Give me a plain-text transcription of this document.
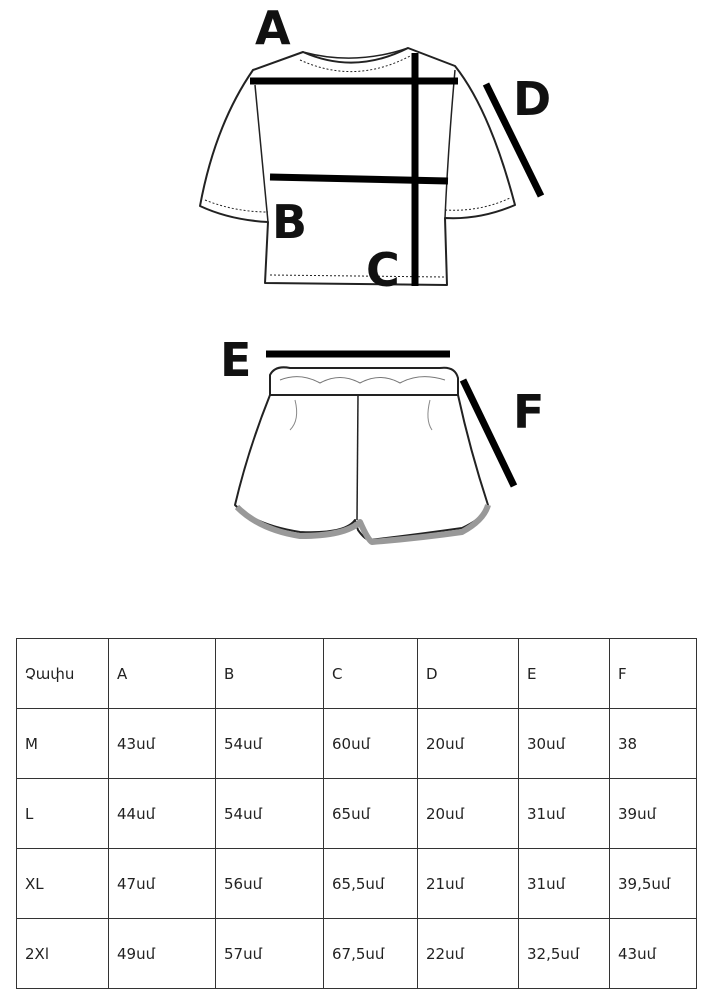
A
B
C
D
E
F
Չափս	A	B	C	D	E	F
M	43սմ	54սմ	60սմ	20սմ	30սմ	38
L	44սմ	54սմ	65սմ	20սմ	31սմ	39սմ
XL	47սմ	56սմ	65,5սմ	21սմ	31սմ	39,5սմ
2Xl	49սմ	57սմ	67,5սմ	22սմ	32,5սմ	43սմ
